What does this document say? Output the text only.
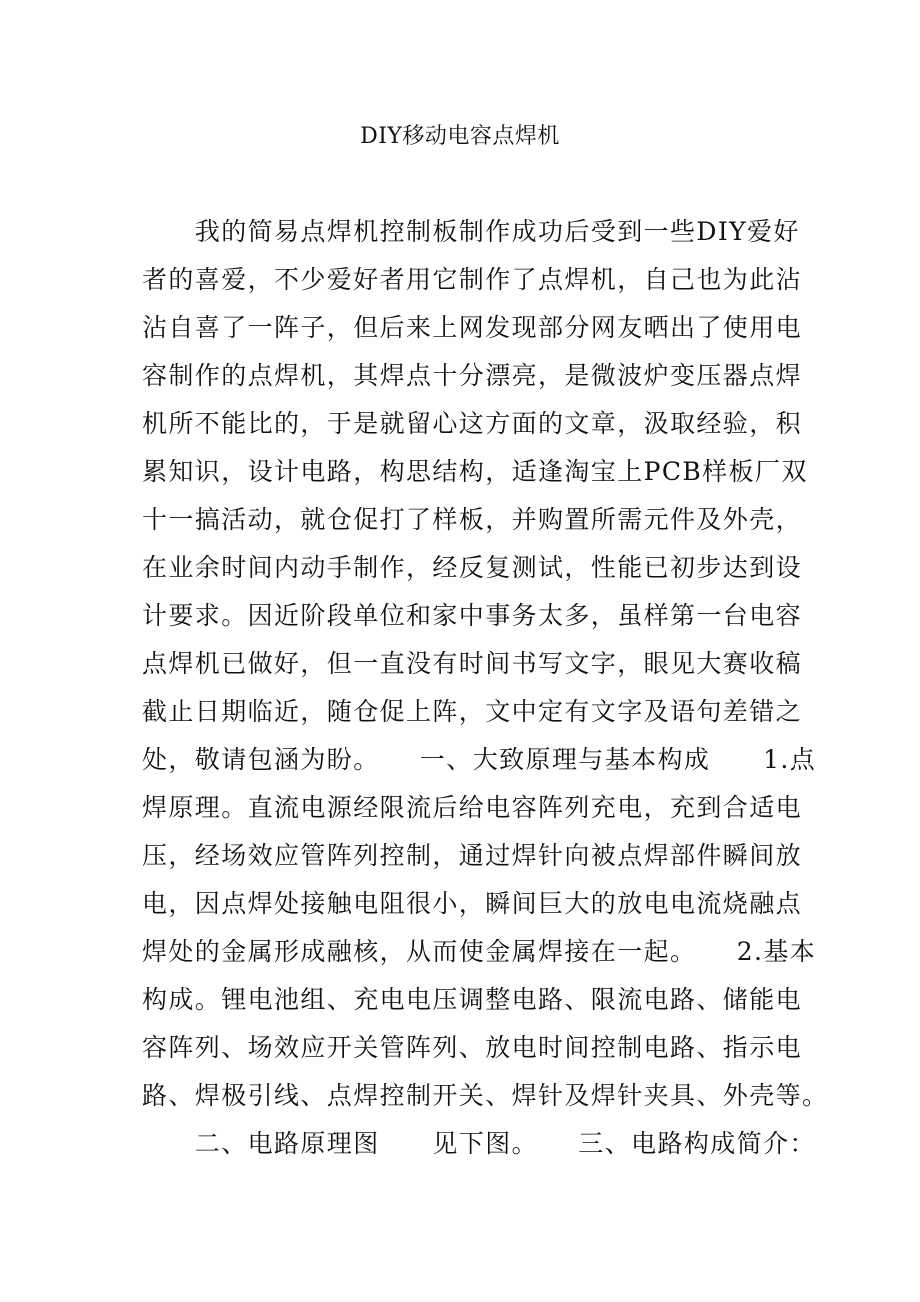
DIY移动电容点焊机
　　我的简易点焊机控制板制作成功后受到一些DIY爱好
者的喜爱，不少爱好者用它制作了点焊机，自己也为此沾
沾自喜了一阵子，但后来上网发现部分网友晒出了使用电
容制作的点焊机，其焊点十分漂亮，是微波炉变压器点焊
机所不能比的，于是就留心这方面的文章，汲取经验，积
累知识，设计电路，构思结构，适逢淘宝上PCB样板厂双
十一搞活动，就仓促打了样板，并购置所需元件及外壳，
在业余时间内动手制作，经反复测试，性能已初步达到设
计要求。因近阶段单位和家中事务太多，虽样第一台电容
点焊机已做好，但一直没有时间书写文字，眼见大赛收稿
截止日期临近，随仓促上阵，文中定有文字及语句差错之
处，敬请包涵为盼。　　一、大致原理与基本构成　　1.点
焊原理。直流电源经限流后给电容阵列充电，充到合适电
压，经场效应管阵列控制，通过焊针向被点焊部件瞬间放
电，因点焊处接触电阻很小，瞬间巨大的放电电流烧融点
焊处的金属形成融核，从而使金属焊接在一起。　　2.基本
构成。锂电池组、充电电压调整电路、限流电路、储能电
容阵列、场效应开关管阵列、放电时间控制电路、指示电
路、焊极引线、点焊控制开关、焊针及焊针夹具、外壳等。
　　二、电路原理图　　见下图。　　三、电路构成简介：
